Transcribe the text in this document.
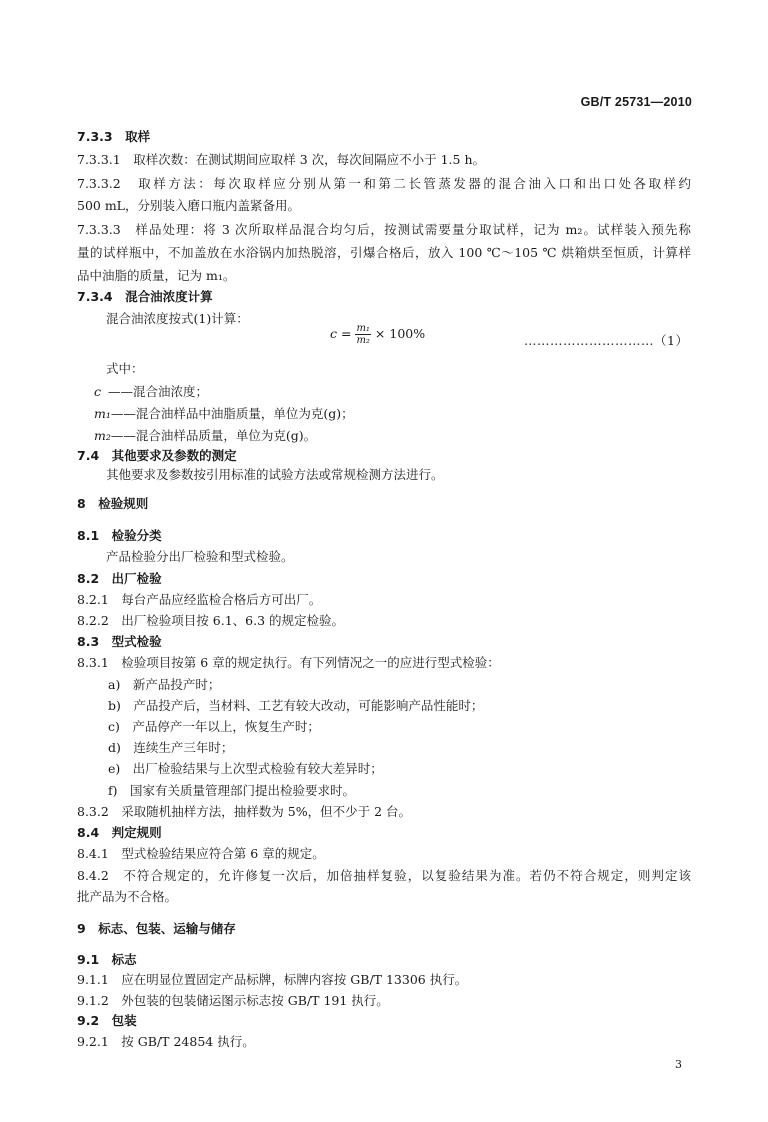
GB/T 25731—2010
7.3.3　取样
7.3.3.1　取样次数：在测试期间应取样 3 次，每次间隔应不小于 1.5 h。
7.3.3.2　取样方法：每次取样应分别从第一和第二长管蒸发器的混合油入口和出口处各取样约
500 mL，分别装入磨口瓶内盖紧备用。
7.3.3.3　样品处理：将 3 次所取样品混合均匀后，按测试需要量分取试样，记为 m₂。试样装入预先称
量的试样瓶中，不加盖放在水浴锅内加热脱溶，引爆合格后，放入 100 ℃～105 ℃ 烘箱烘至恒质，计算样
品中油脂的质量，记为 m₁。
7.3.4　混合油浓度计算
混合油浓度按式(1)计算：
$c = \frac{\text{m₁}}{\text{m₂}} \times 100\%$	…………………………（1）
式中：
c ——混合油浓度；
m₁——混合油样品中油脂质量，单位为克(g)；
m₂——混合油样品质量，单位为克(g)。
7.4　其他要求及参数的测定
其他要求及参数按引用标准的试验方法或常规检测方法进行。
8　检验规则
8.1　检验分类
产品检验分出厂检验和型式检验。
8.2　出厂检验
8.2.1　每台产品应经监检合格后方可出厂。
8.2.2　出厂检验项目按 6.1、6.3 的规定检验。
8.3　型式检验
8.3.1　检验项目按第 6 章的规定执行。有下列情况之一的应进行型式检验：
a)　新产品投产时；
b)　产品投产后，当材料、工艺有较大改动，可能影响产品性能时；
c)　产品停产一年以上，恢复生产时；
d)　连续生产三年时；
e)　出厂检验结果与上次型式检验有较大差异时；
f)　国家有关质量管理部门提出检验要求时。
8.3.2　采取随机抽样方法，抽样数为 5%，但不少于 2 台。
8.4　判定规则
8.4.1　型式检验结果应符合第 6 章的规定。
8.4.2　不符合规定的，允许修复一次后，加倍抽样复验，以复验结果为准。若仍不符合规定，则判定该
批产品为不合格。
9　标志、包装、运输与储存
9.1　标志
9.1.1　应在明显位置固定产品标牌，标牌内容按 GB/T 13306 执行。
9.1.2　外包装的包装储运图示标志按 GB/T 191 执行。
9.2　包装
9.2.1　按 GB/T 24854 执行。
3
